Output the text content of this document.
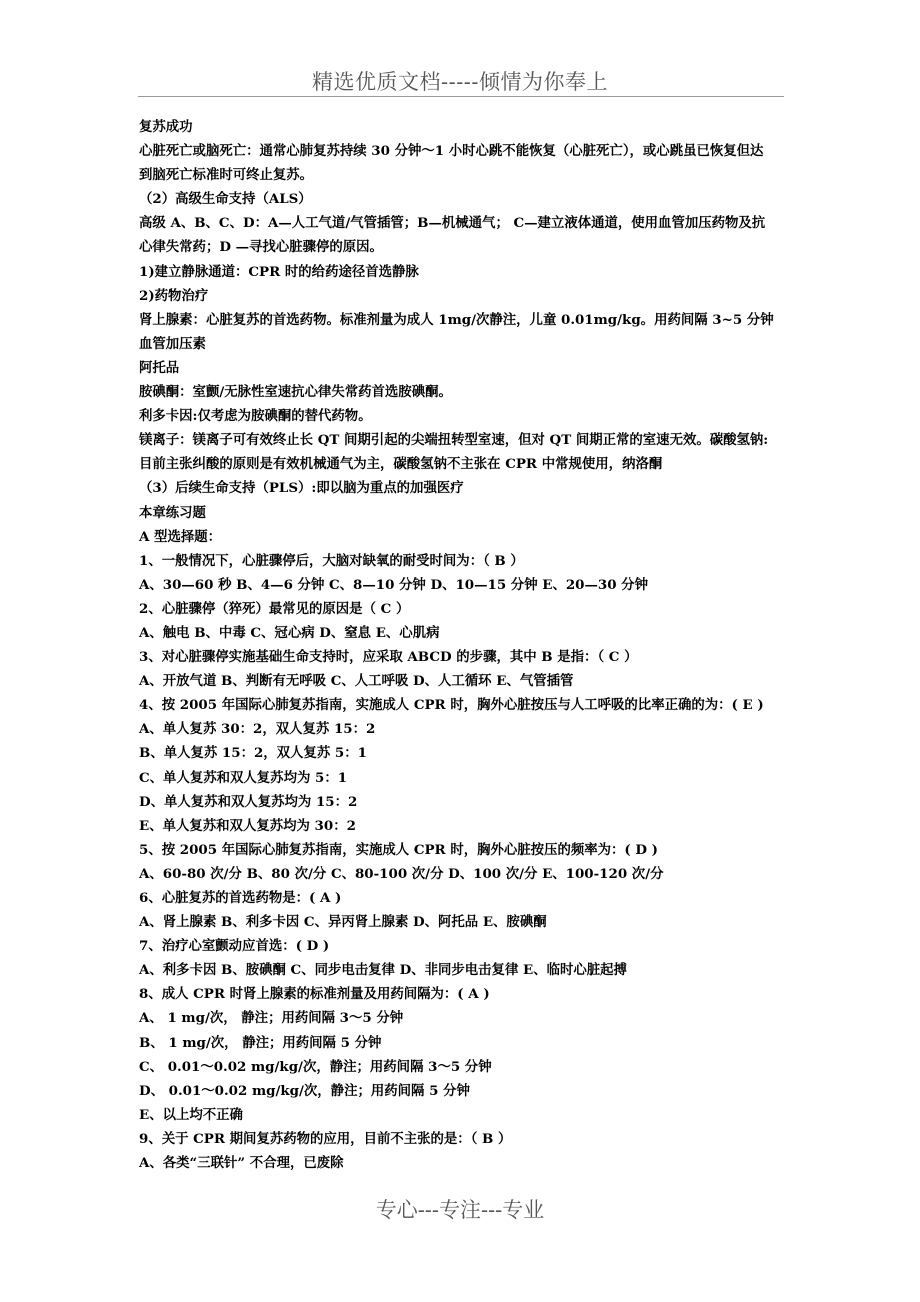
精选优质文档-----倾情为你奉上
复苏成功
心脏死亡或脑死亡：通常心肺复苏持续 30 分钟～1 小时心跳不能恢复（心脏死亡），或心跳虽已恢复但达
到脑死亡标准时可终止复苏。
（2）高级生命支持（ALS）
高级 A、B、C、D：A—人工气道/气管插管；B—机械通气； C—建立液体通道，使用血管加压药物及抗
心律失常药；D —寻找心脏骤停的原因。
1)建立静脉通道：CPR 时的给药途径首选静脉
2)药物治疗
肾上腺素：心脏复苏的首选药物。标准剂量为成人 1mg/次静注，儿童 0.01mg/kg。用药间隔 3~5 分钟
血管加压素
阿托品
胺碘酮：室颤/无脉性室速抗心律失常药首选胺碘酮。
利多卡因:仅考虑为胺碘酮的替代药物。
镁离子：镁离子可有效终止长 QT 间期引起的尖端扭转型室速，但对 QT 间期正常的室速无效。碳酸氢钠:
目前主张纠酸的原则是有效机械通气为主，碳酸氢钠不主张在 CPR 中常规使用，纳洛酮
（3）后续生命支持（PLS）:即以脑为重点的加强医疗
本章练习题
A 型选择题：
1、一般情况下，心脏骤停后，大脑对缺氧的耐受时间为：（ B ）
A、30—60 秒 B、4—6 分钟 C、8—10 分钟 D、10—15 分钟 E、20—30 分钟
2、心脏骤停（猝死）最常见的原因是（ C ）
A、触电 B、中毒 C、冠心病 D、窒息 E、心肌病
3、对心脏骤停实施基础生命支持时，应采取 ABCD 的步骤，其中 B 是指：（ C ）
A、开放气道 B、判断有无呼吸 C、人工呼吸 D、人工循环 E、气管插管
4、按 2005 年国际心肺复苏指南，实施成人 CPR 时，胸外心脏按压与人工呼吸的比率正确的为：( E )
A、单人复苏 30：2，双人复苏 15：2
B、单人复苏 15：2，双人复苏 5：1
C、单人复苏和双人复苏均为 5：1
D、单人复苏和双人复苏均为 15：2
E、单人复苏和双人复苏均为 30：2
5、按 2005 年国际心肺复苏指南，实施成人 CPR 时，胸外心脏按压的频率为：( D )
A、60-80 次/分 B、80 次/分 C、80-100 次/分 D、100 次/分 E、100-120 次/分
6、心脏复苏的首选药物是：( A )
A、肾上腺素 B、利多卡因 C、异丙肾上腺素 D、阿托品 E、胺碘酮
7、治疗心室颤动应首选：( D )
A、利多卡因 B、胺碘酮 C、同步电击复律 D、非同步电击复律 E、临时心脏起搏
8、成人 CPR 时肾上腺素的标准剂量及用药间隔为：( A )
A、 1 mg/次， 静注；用药间隔 3～5 分钟
B、 1 mg/次， 静注；用药间隔 5 分钟
C、 0.01～0.02 mg/kg/次，静注；用药间隔 3～5 分钟
D、 0.01～0.02 mg/kg/次，静注；用药间隔 5 分钟
E、以上均不正确
9、关于 CPR 期间复苏药物的应用，目前不主张的是：（ B ）
A、各类“三联针” 不合理，已废除
专心---专注---专业
